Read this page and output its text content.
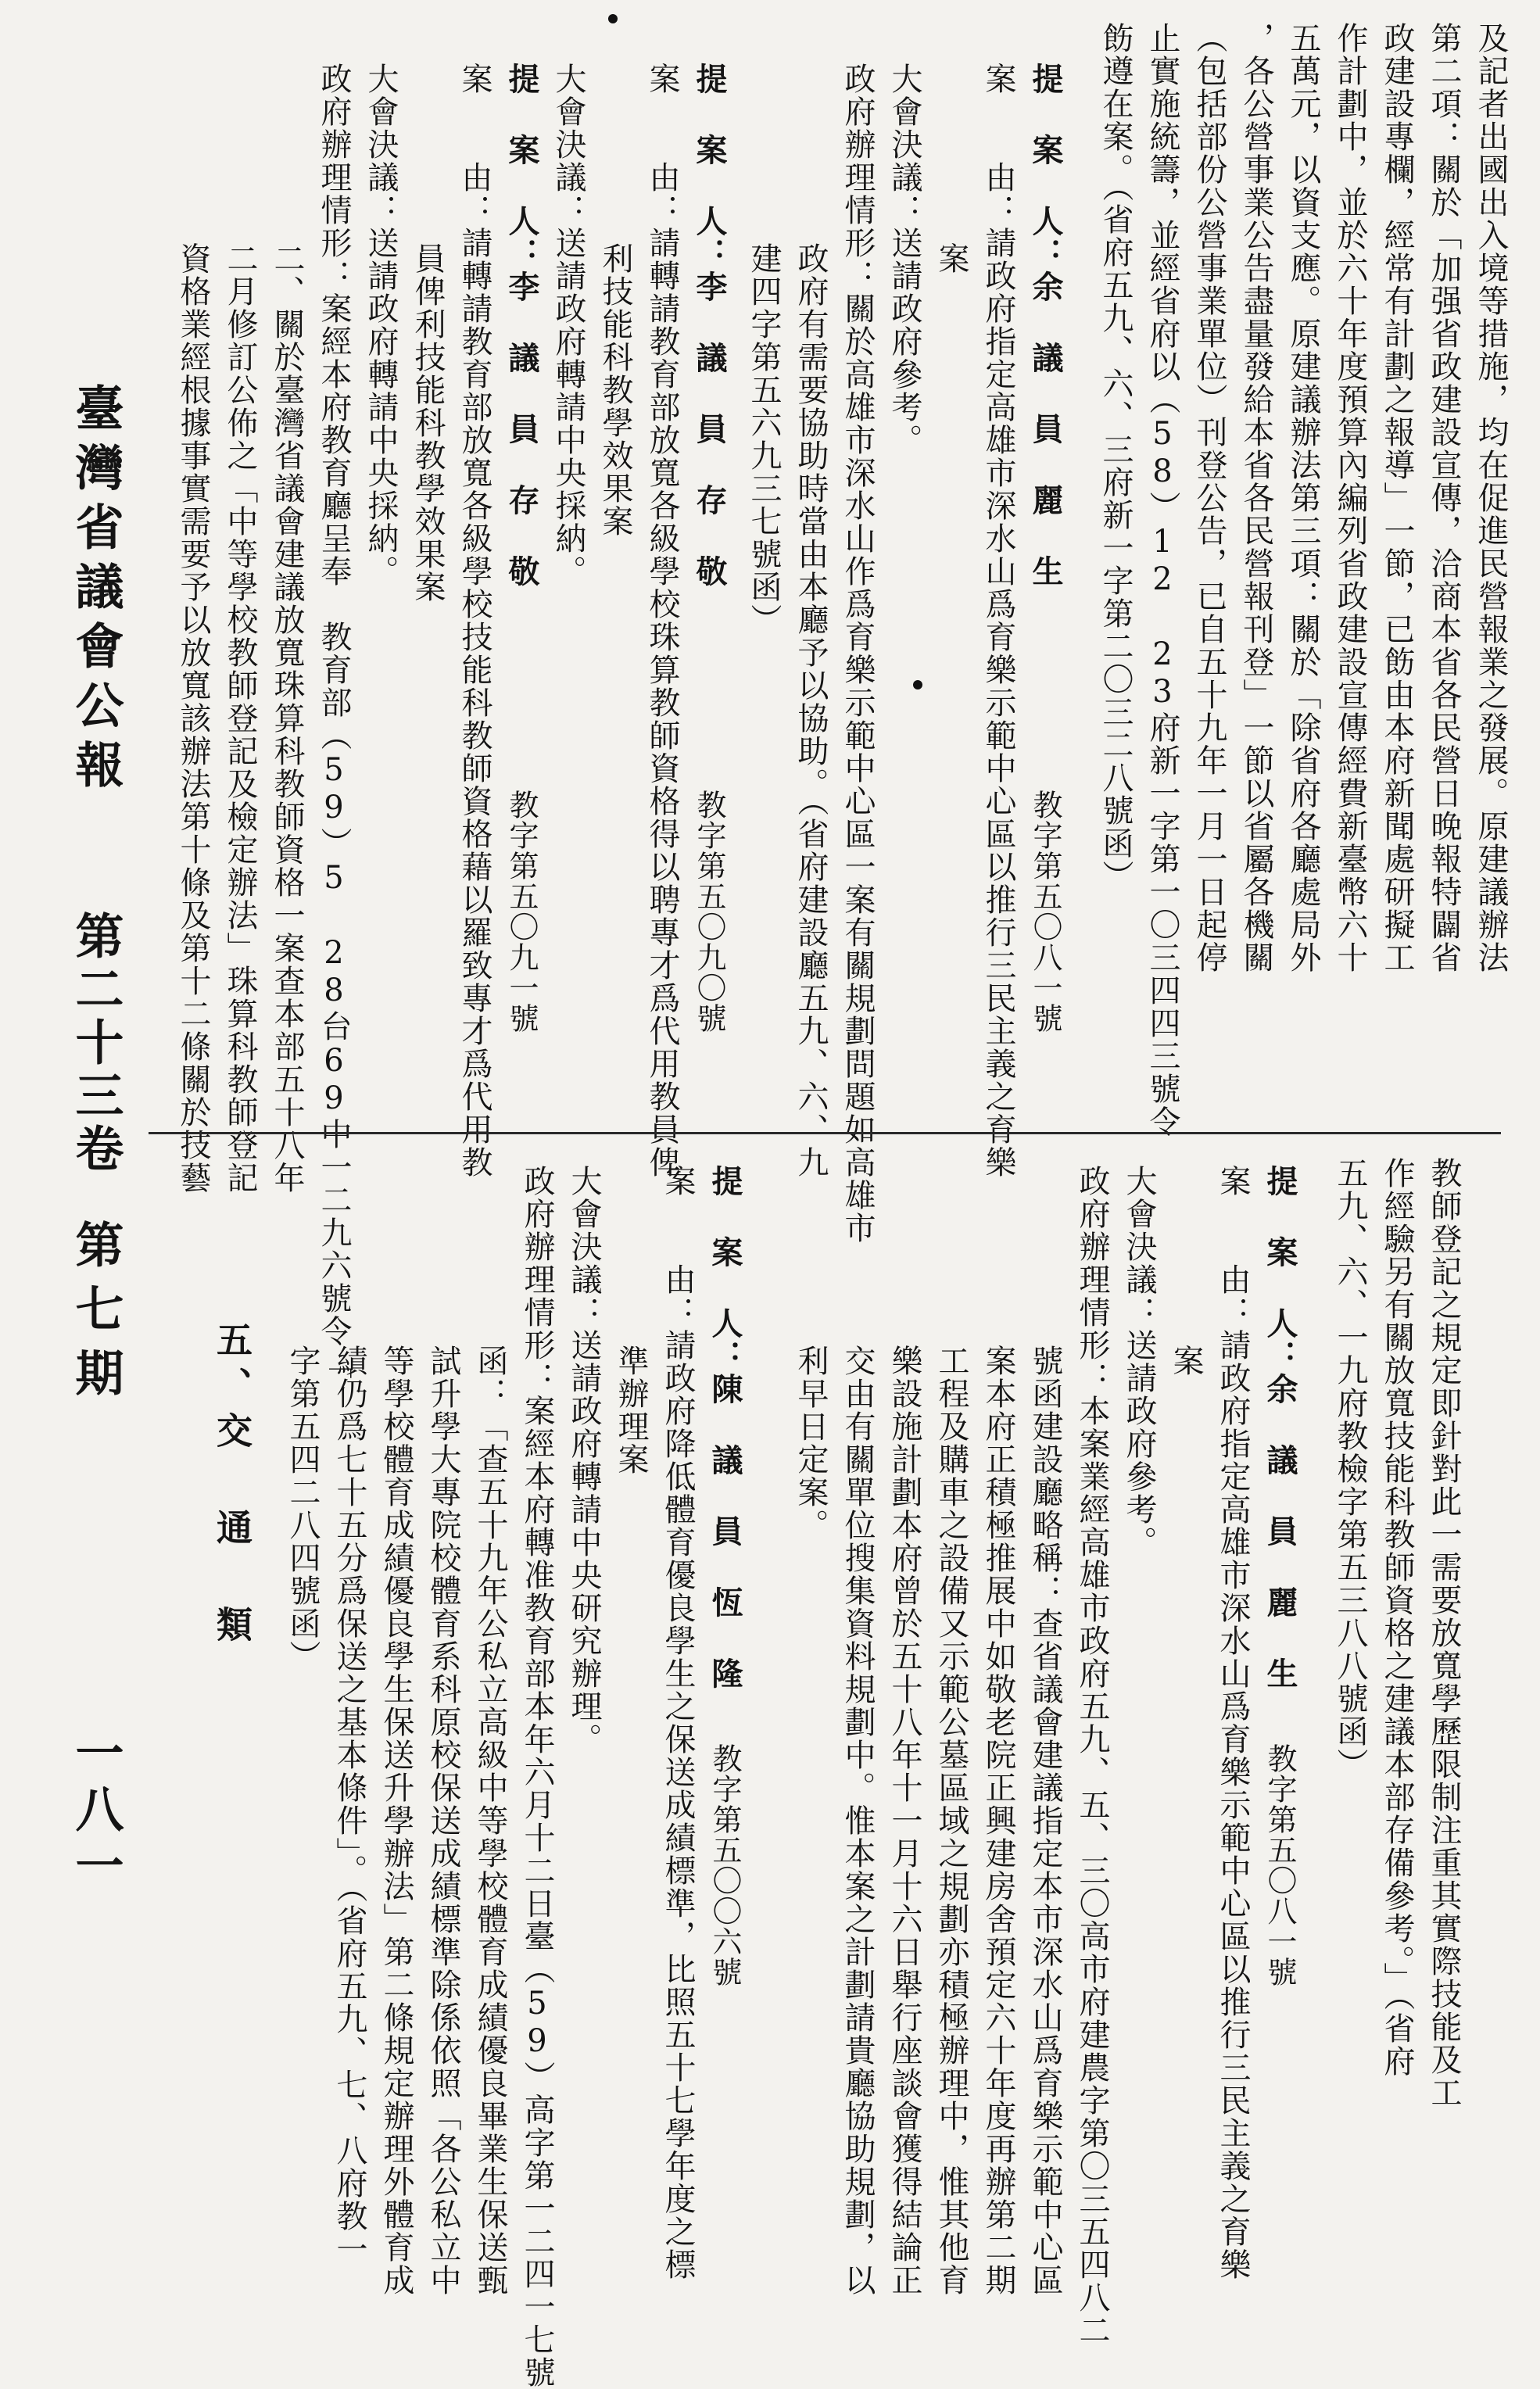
及記者出國出入境等措施，均在促進民營報業之發展。原建議辦法
第二項：關於「加强省政建設宣傳，洽商本省各民營日晚報特闢省
政建設專欄，經常有計劃之報導」一節，已飭由本府新聞處研擬工
作計劃中，並於六十年度預算內編列省政建設宣傳經費新臺幣六十
五萬元，以資支應。原建議辦法第三項：關於「除省府各廳處局外
，各公營事業公告盡量發給本省各民營報刊登」一節以省屬各機關
（包括部份公營事業單位）刊登公告，已自五十九年一月一日起停
止實施統籌，並經省府以（58）12 23府新一字第一〇三四四三號令
飭遵在案。（省府五九、六、三府新一字第二〇三二八號函）
提 案 人：余 議 員 麗 生
教字第五〇八一號
案　　由：請政府指定高雄市深水山爲育樂示範中心區以推行三民主義之育樂
案
大會決議：送請政府參考。
政府辦理情形：關於高雄市深水山作爲育樂示範中心區一案有關規劃問題如高雄市
政府有需要協助時當由本廳予以協助。（省府建設廳五九、六、九
建四字第五六九三七號函）
提 案 人：李 議 員 存 敬
教字第五〇九〇號
案　　由：請轉請教育部放寬各級學校珠算教師資格得以聘專才爲代用教員俾
利技能科教學效果案
大會決議：送請政府轉請中央採納。
提 案 人：李 議 員 存 敬
教字第五〇九一號
案　　由：請轉請教育部放寬各級學校技能科教師資格藉以羅致專才爲代用教
員俾利技能科教學效果案
大會決議：送請政府轉請中央採納。
政府辦理情形：案經本府教育廳呈奉　教育部（59）5 28台69中一二九六號令「
二、關於臺灣省議會建議放寬珠算科教師資格一案查本部五十八年
二月修訂公佈之「中等學校教師登記及檢定辦法」珠算科教師登記
資格業經根據事實需要予以放寬該辦法第十條及第十二條關於技藝
教師登記之規定即針對此一需要放寬學歷限制注重其實際技能及工
作經驗另有關放寬技能科教師資格之建議本部存備參考。」（省府
五九、六、一九府教檢字第五三八八號函）
提 案 人：余 議 員 麗 生
教字第五〇八一號
案　　由：請政府指定高雄市深水山爲育樂示範中心區以推行三民主義之育樂
案
大會決議：送請政府參考。
政府辦理情形：本案業經高雄市政府五九、五、三〇高市府建農字第〇三五四八二
號函建設廳略稱：查省議會建議指定本市深水山爲育樂示範中心區
案本府正積極推展中如敬老院正興建房舍預定六十年度再辦第二期
工程及購車之設備又示範公墓區域之規劃亦積極辦理中，惟其他育
樂設施計劃本府曾於五十八年十一月十六日舉行座談會獲得結論正
交由有關單位搜集資料規劃中。惟本案之計劃請貴廳協助規劃，以
利早日定案。
提 案 人：陳 議 員 恆 隆
教字第五〇〇六號
案　　由：請政府降低體育優良學生之保送成績標準，比照五十七學年度之標
準辦理案
大會決議：送請政府轉請中央研究辦理。
政府辦理情形：案經本府轉准教育部本年六月十二日臺（59）高字第一二四一七號
函：「查五十九年公私立高級中等學校體育成績優良畢業生保送甄
試升學大專院校體育系科原校保送成績標準除係依照「各公私立中
等學校體育成績優良學生保送升學辦法」第二條規定辦理外體育成
績仍爲七十五分爲保送之基本條件」。（省府五九、七、八府教一
字第五四二八四號函）
五、交 通 類
臺灣省議會公報
第二十三卷
第七期
一八一
